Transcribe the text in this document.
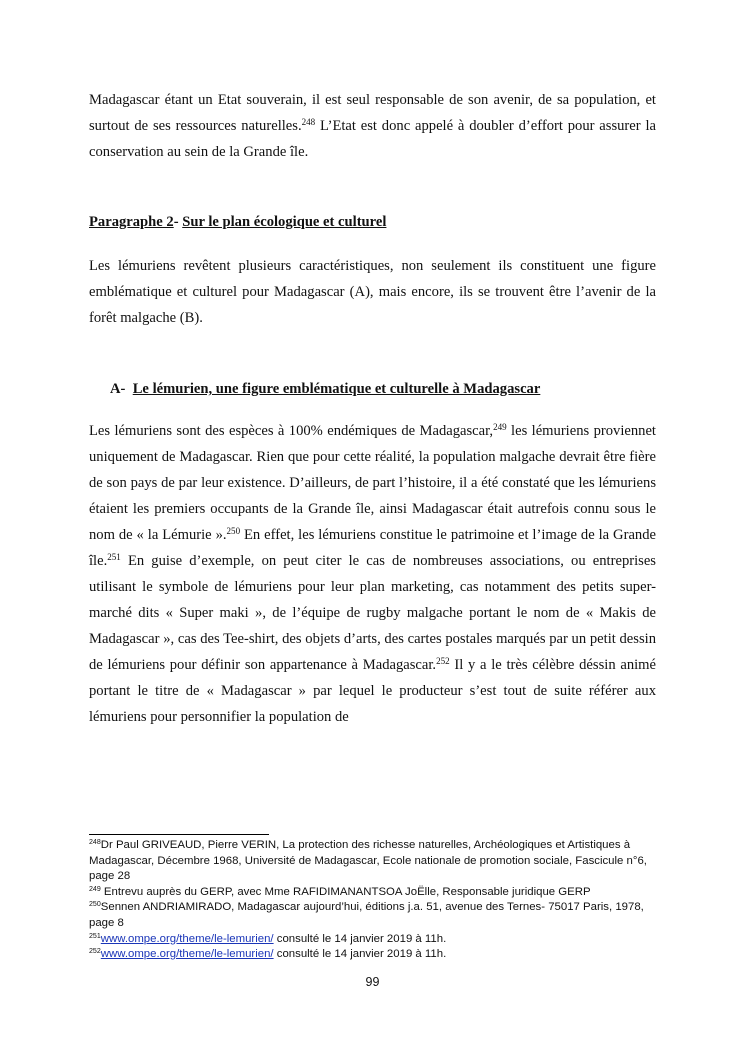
Madagascar étant un Etat souverain, il est seul responsable de son avenir, de sa population, et surtout de ses ressources naturelles.$^{248}$ L’Etat est donc appelé à doubler d’effort pour assurer la conservation au sein de la Grande île.

Paragraphe 2- Sur le plan écologique et culturel

Les lémuriens revêtent plusieurs caractéristiques, non seulement ils constituent une figure emblématique et culturel pour Madagascar (A), mais encore, ils se trouvent être l’avenir de la forêt malgache (B).

A- Le lémurien, une figure emblématique et culturelle à Madagascar

Les lémuriens sont des espèces à 100% endémiques de Madagascar,$^{249}$ les lémuriens proviennet uniquement de Madagascar. Rien que pour cette réalité, la population malgache devrait être fière de son pays de par leur existence. D’ailleurs, de part l’histoire, il a été constaté que les lémuriens étaient les premiers occupants de la Grande île, ainsi Madagascar était autrefois connu sous le nom de « la Lémurie ».$^{250}$ En effet, les lémuriens constitue le patrimoine et l’image de la Grande île.$^{251}$ En guise d’exemple, on peut citer le cas de nombreuses associations, ou entreprises utilisant le symbole de lémuriens pour leur plan marketing, cas notamment des petits super-marché dits « Super maki », de l’équipe de rugby malgache portant le nom de « Makis de Madagascar », cas des Tee-shirt, des objets d’arts, des cartes postales marqués par un petit dessin de lémuriens pour définir son appartenance à Madagascar.$^{252}$ Il y a le très célèbre déssin animé portant le titre de « Madagascar » par lequel le producteur s’est tout de suite référer aux lémuriens pour personnifier la population de

$^{248}$Dr Paul GRIVEAUD, Pierre VERIN, La protection des richesse naturelles, Archéologiques et Artistiques à Madagascar, Décembre 1968, Université de Madagascar, Ecole nationale de promotion sociale, Fascicule n°6, page 28

$^{249}$ Entrevu auprès du GERP, avec Mme RAFIDIMANANTSOA JoËlle, Responsable juridique GERP

$^{250}$Sennen ANDRIAMIRADO, Madagascar aujourd’hui, éditions j.a. 51, avenue des Ternes- 75017 Paris, 1978, page 8

$^{251}$www.ompe.org/theme/le-lemurien/ consulté le 14 janvier 2019 à 11h.

$^{252}$www.ompe.org/theme/le-lemurien/ consulté le 14 janvier 2019 à 11h.

99
